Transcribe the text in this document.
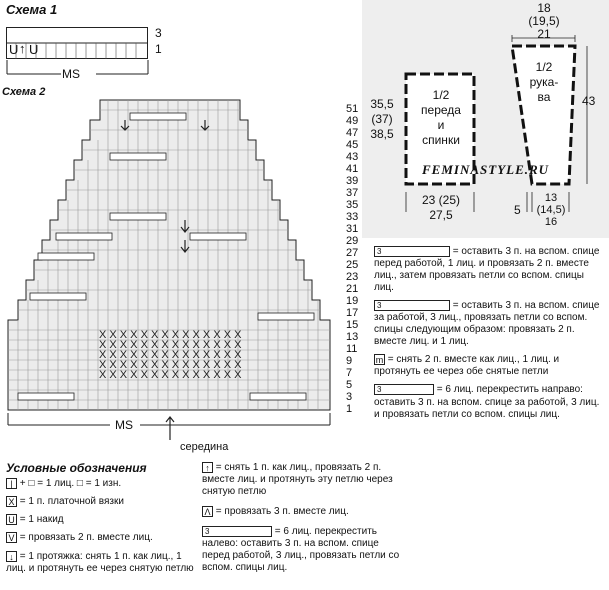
Схема 1
U ↑ U
3
1
MS
Схема 2
X X X X X X X X X X X X X X
X X X X X X X X X X X X X X
X X X X X X X X X X X X X X
X X X X X X X X X X X X X X
X X X X X X X X X X X X X X
MS
середина
51
49
47
45
43
41
39
37
35
33
31
29
27
25
23
21
19
17
15
13
11
9
7
5
3
1
1/2
переда
и
спинки
35,5
(37)
38,5
23 (25)
27,5
1/2
рука-
ва
18
(19,5)
21
43
5
13
(14,5)
16
FEMINASTYLE.RU
3	= оставить 3 п. на вспом. спице перед работой, 1 лиц. и провязать 2 п. вместе лиц., затем провязать петли со вспом. спицы лиц.
3	= оставить 3 п. на вспом. спице за работой, 3 лиц., провязать петли со вспом. спицы следующим образом: провязать 2 п. вместе лиц. и 1 лиц.
m = снять 2 п. вместе как лиц., 1 лиц. и протянуть ее через обе снятые петли
3	= 6 лиц. перекрестить направо: оставить 3 п. на вспом. спице за работой, 3 лиц. и провязать петли со вспом. спицы лиц.
Условные обозначения
| + □ = 1 лиц. □ = 1 изн.
X = 1 п. платочной вязки
U = 1 накид
V = провязать 2 п. вместе лиц.
↓ = 1 протяжка: снять 1 п. как лиц., 1 лиц. и протянуть ее через снятую петлю
↑ = снять 1 п. как лиц., провязать 2 п. вместе лиц. и протянуть эту петлю через снятую петлю
Λ = провязать 3 п. вместе лиц.
3	= 6 лиц. перекрестить налево: оставить 3 п. на вспом. спице перед работой, 3 лиц., провязать петли со вспом. спицы лиц.
